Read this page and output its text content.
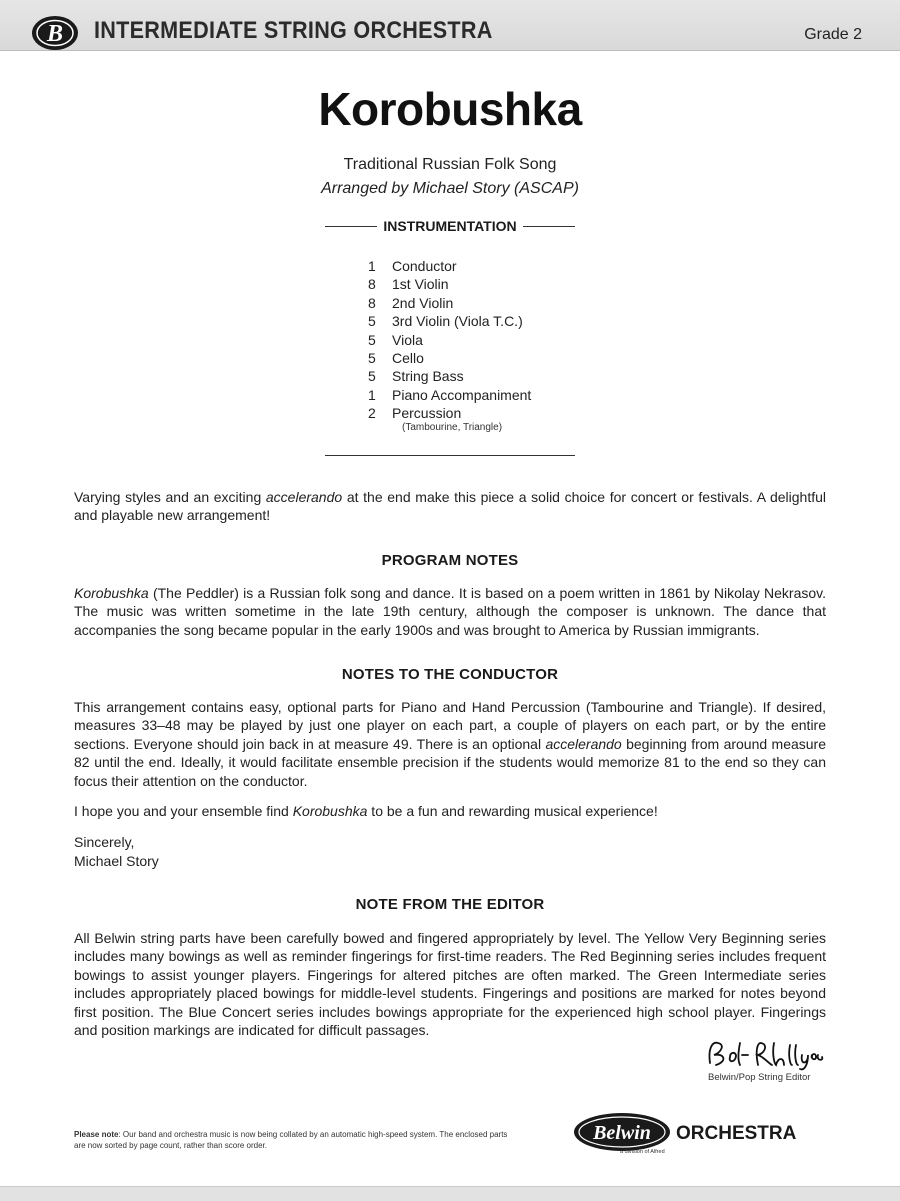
B INTERMEDIATE STRING ORCHESTRA	Grade 2
Korobushka
Traditional Russian Folk Song
Arranged by Michael Story (ASCAP)
INSTRUMENTATION
1	Conductor
8	1st Violin
8	2nd Violin
5	3rd Violin (Viola T.C.)
5	Viola
5	Cello
5	String Bass
1	Piano Accompaniment
2	Percussion
(Tambourine, Triangle)

Varying styles and an exciting accelerando at the end make this piece a solid choice for concert or festivals. A delightful and playable new arrangement!

PROGRAM NOTES

Korobushka (The Peddler) is a Russian folk song and dance. It is based on a poem written in 1861 by Nikolay Nekrasov. The music was written sometime in the late 19th century, although the composer is unknown. The dance that accompanies the song became popular in the early 1900s and was brought to America by Russian immigrants.

NOTES TO THE CONDUCTOR

This arrangement contains easy, optional parts for Piano and Hand Percussion (Tambourine and Triangle). If desired, measures 33–48 may be played by just one player on each part, a couple of players on each part, or by the entire sections. Everyone should join back in at measure 49. There is an optional accelerando beginning from around measure 82 until the end. Ideally, it would facilitate ensemble precision if the students would memorize 81 to the end so they can focus their attention on the conductor.

I hope you and your ensemble find Korobushka to be a fun and rewarding musical experience!

Sincerely,
Michael Story
NOTE FROM THE EDITOR

All Belwin string parts have been carefully bowed and fingered appropriately by level. The Yellow Very Beginning series includes many bowings as well as reminder fingerings for first-time readers. The Red Beginning series includes frequent bowings to assist younger players. Fingerings for altered pitches are often marked. The Green Intermediate series includes appropriately placed bowings for middle-level students. Fingerings and positions are marked for notes beyond first position. The Blue Concert series includes bowings appropriate for the experienced high school player. Fingerings and position markings are indicated for difficult passages.

Belwin/Pop String Editor
Please note: Our band and orchestra music is now being collated by an automatic high-speed system. The enclosed parts are now sorted by page count, rather than score order.
Belwin ORCHESTRA
a division of Alfred
